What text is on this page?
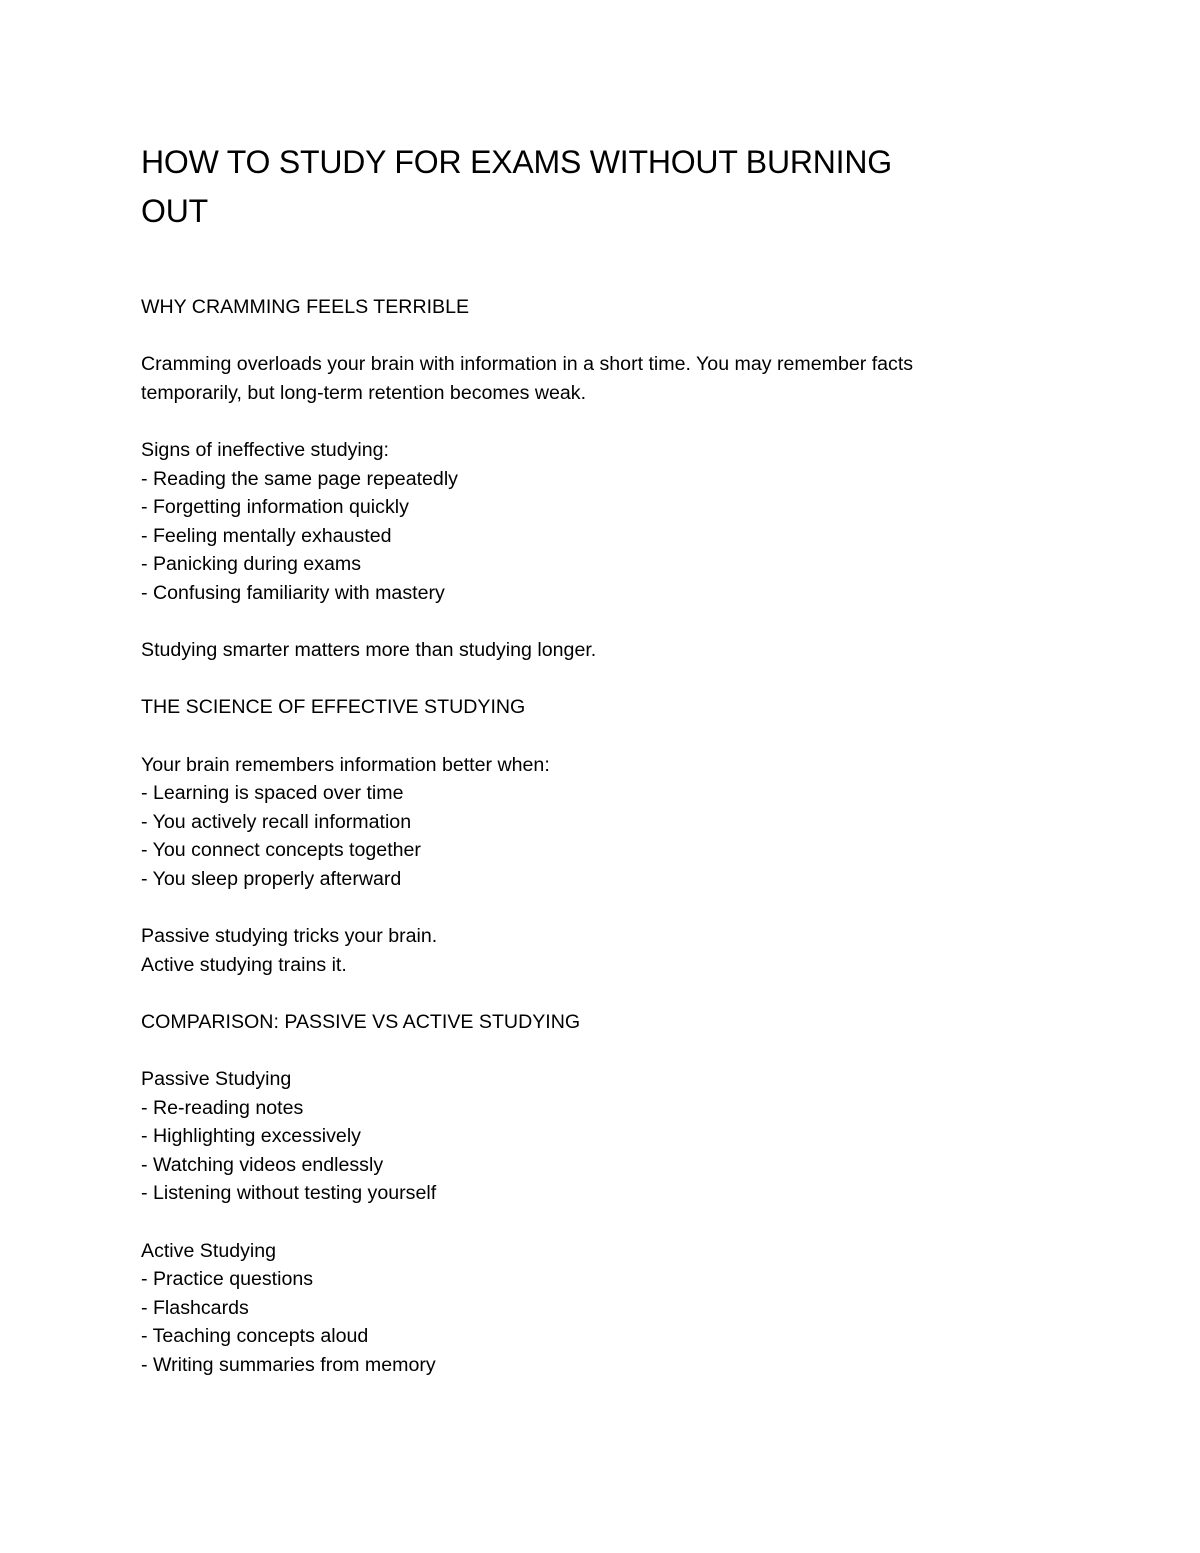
HOW TO STUDY FOR EXAMS WITHOUT BURNING
OUT
WHY CRAMMING FEELS TERRIBLE
Cramming overloads your brain with information in a short time. You may remember facts
temporarily, but long-term retention becomes weak.
Signs of ineffective studying:
- Reading the same page repeatedly
- Forgetting information quickly
- Feeling mentally exhausted
- Panicking during exams
- Confusing familiarity with mastery
Studying smarter matters more than studying longer.
THE SCIENCE OF EFFECTIVE STUDYING
Your brain remembers information better when:
- Learning is spaced over time
- You actively recall information
- You connect concepts together
- You sleep properly afterward
Passive studying tricks your brain.
Active studying trains it.
COMPARISON: PASSIVE VS ACTIVE STUDYING
Passive Studying
- Re-reading notes
- Highlighting excessively
- Watching videos endlessly
- Listening without testing yourself
Active Studying
- Practice questions
- Flashcards
- Teaching concepts aloud
- Writing summaries from memory
